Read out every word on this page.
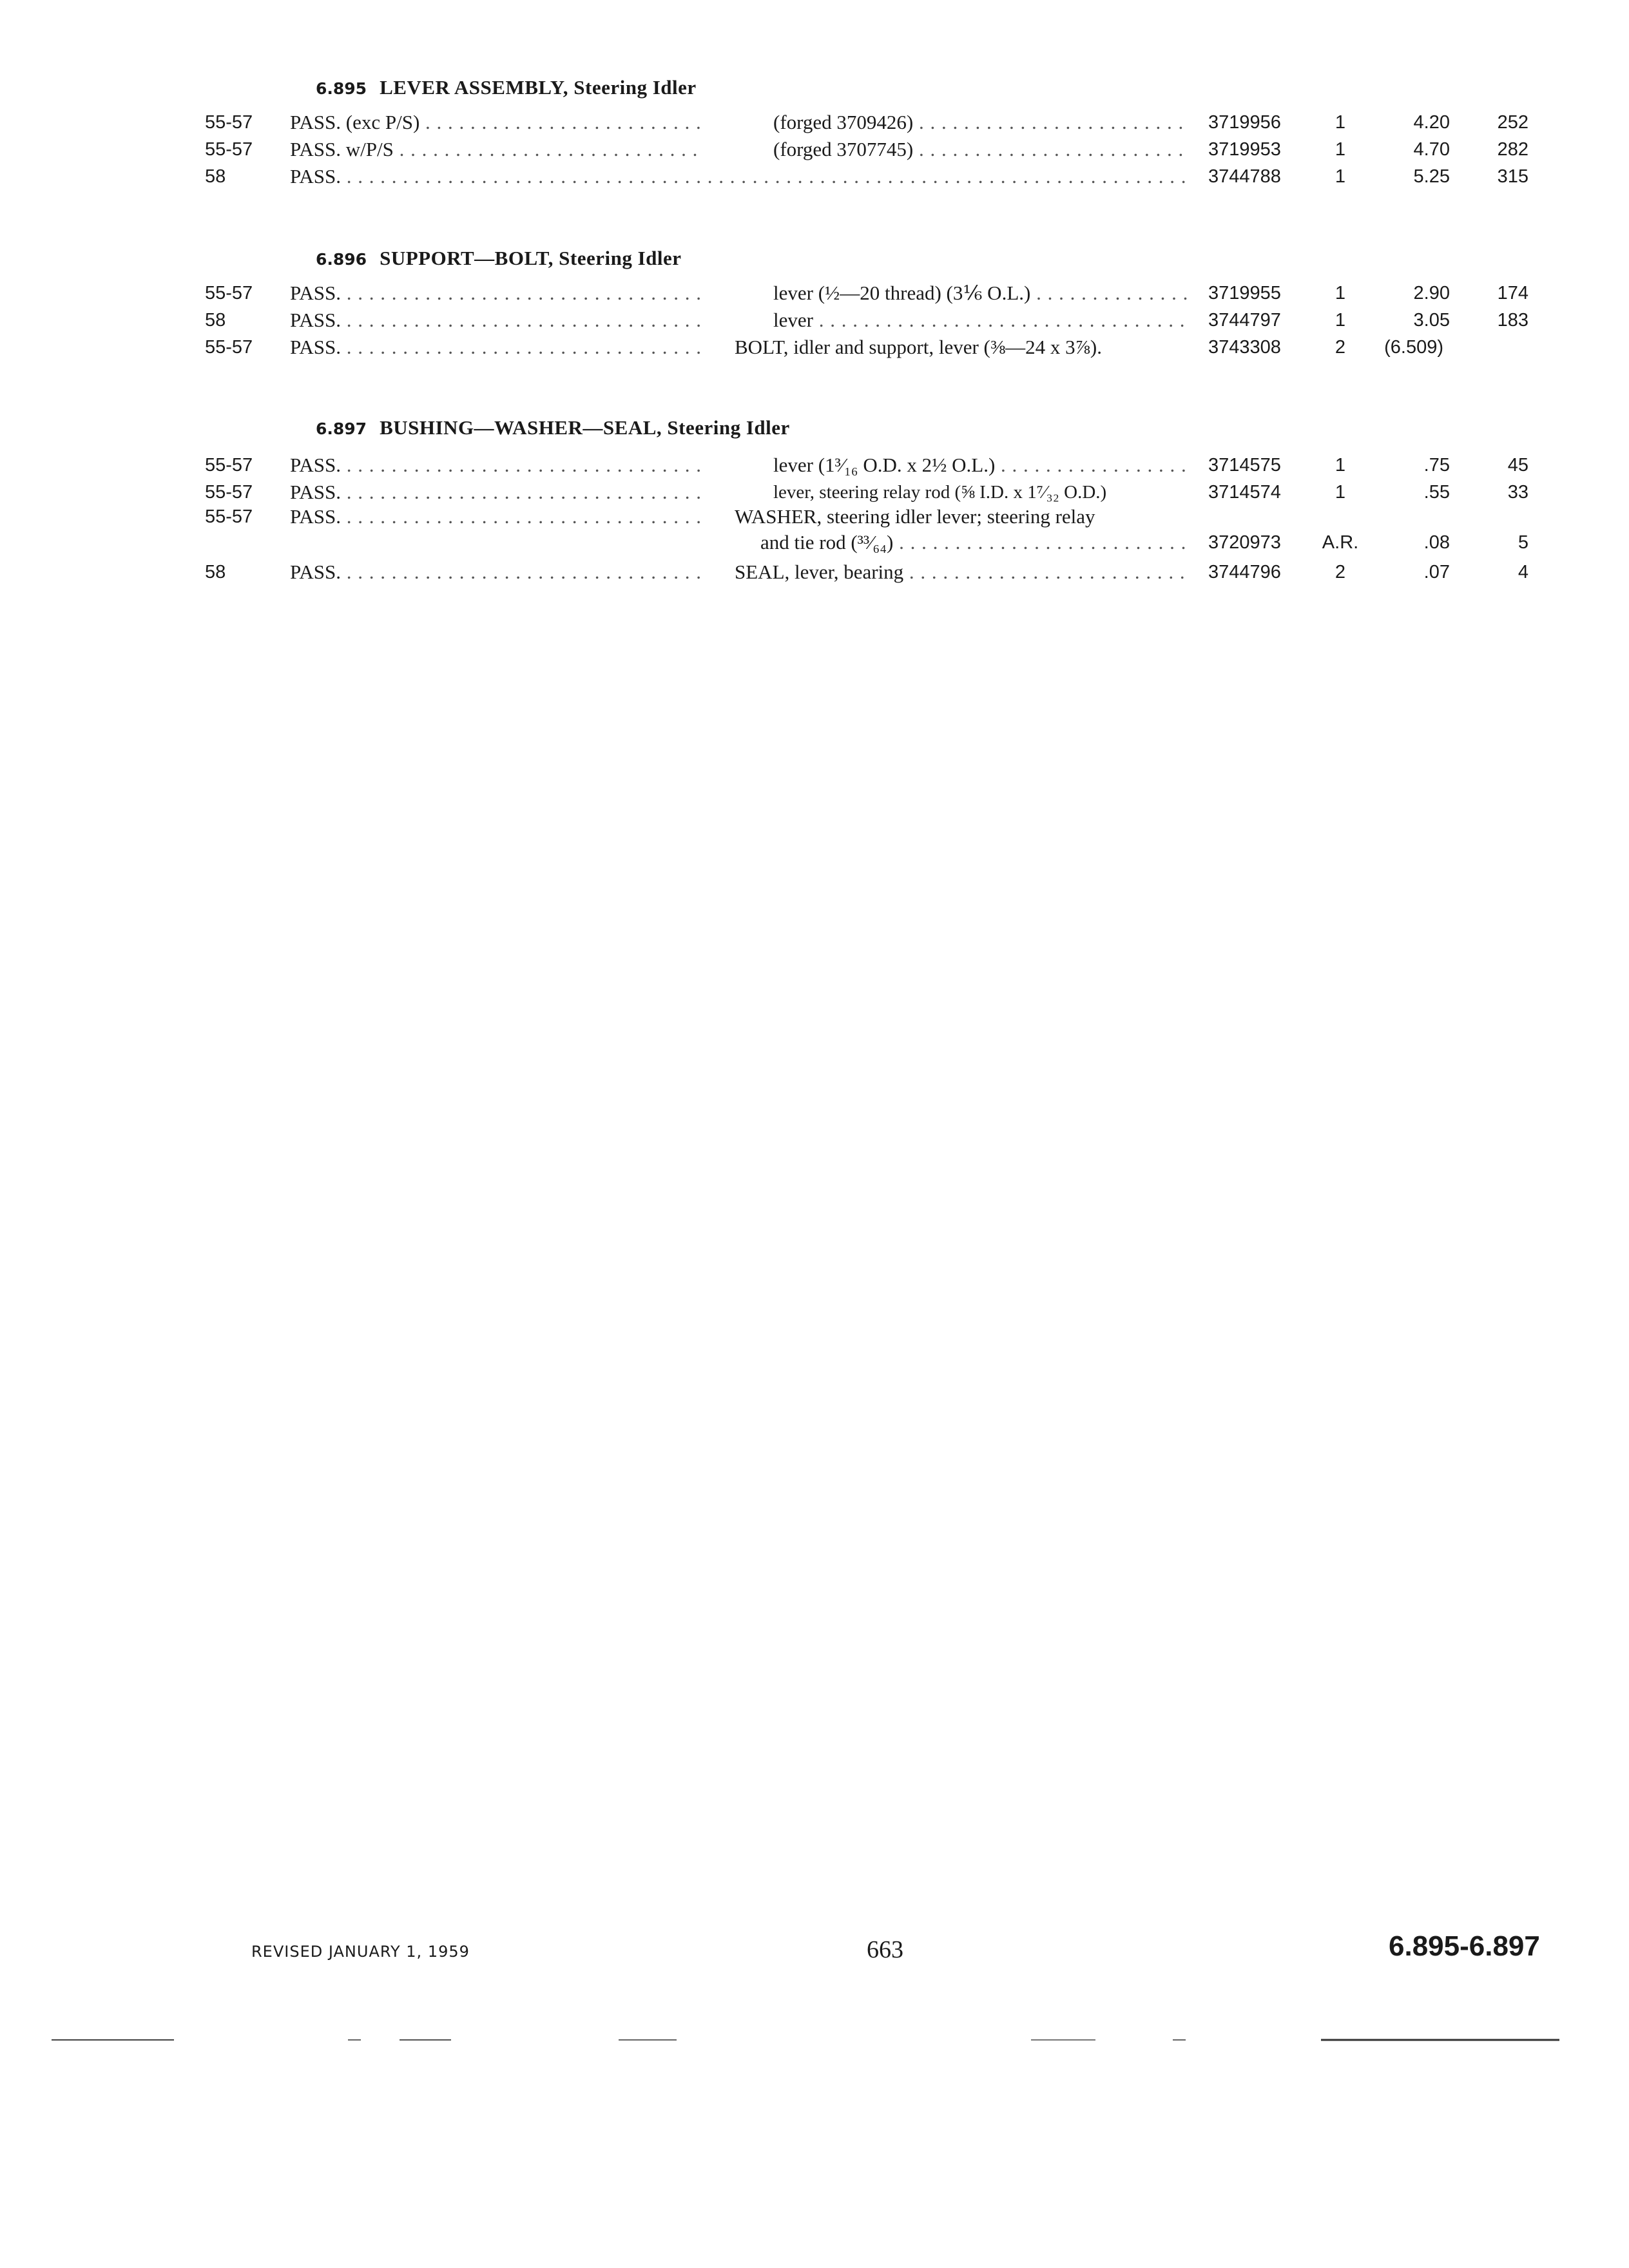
6.895 LEVER ASSEMBLY, Steering Idler
55-57 PASS. (exc P/S) . . .	(forged 3709426) . . .	3719956	1	4.20	252
55-57 PASS. w/P/S . . .	(forged 3707745) . . .	3719953	1	4.70	282
58	PASS. . . .	3744788	1	5.25	315
6.896 SUPPORT—BOLT, Steering Idler
55-57 PASS. . . .	lever (½—20 thread) (3⅙ O.L.) . . .	3719955	1	2.90	174
58	PASS. . . .	lever . . .	3744797	1	3.05	183
55-57 PASS. . . .	BOLT, idler and support, lever (⅜—24 x 3⅞).	3743308	2	(6.509)
6.897 BUSHING—WASHER—SEAL, Steering Idler
55-57 PASS. . . .	lever (1³⁄₁₆ O.D. x 2½ O.L.) . . .	3714575	1	.75	45
55-57 PASS. . . .	lever, steering relay rod (⅝ I.D. x 1⁷⁄₃₂ O.D.)	3714574	1	.55	33
55-57 PASS. . . .	WASHER, steering idler lever; steering relay
and tie rod (³³⁄₆₄) . . .	3720973 A.R.	.08	5
58	PASS. . . .	SEAL, lever, bearing . . .	3744796	2	.07	4
REVISED JANUARY 1, 1959	663	6.895-6.897
